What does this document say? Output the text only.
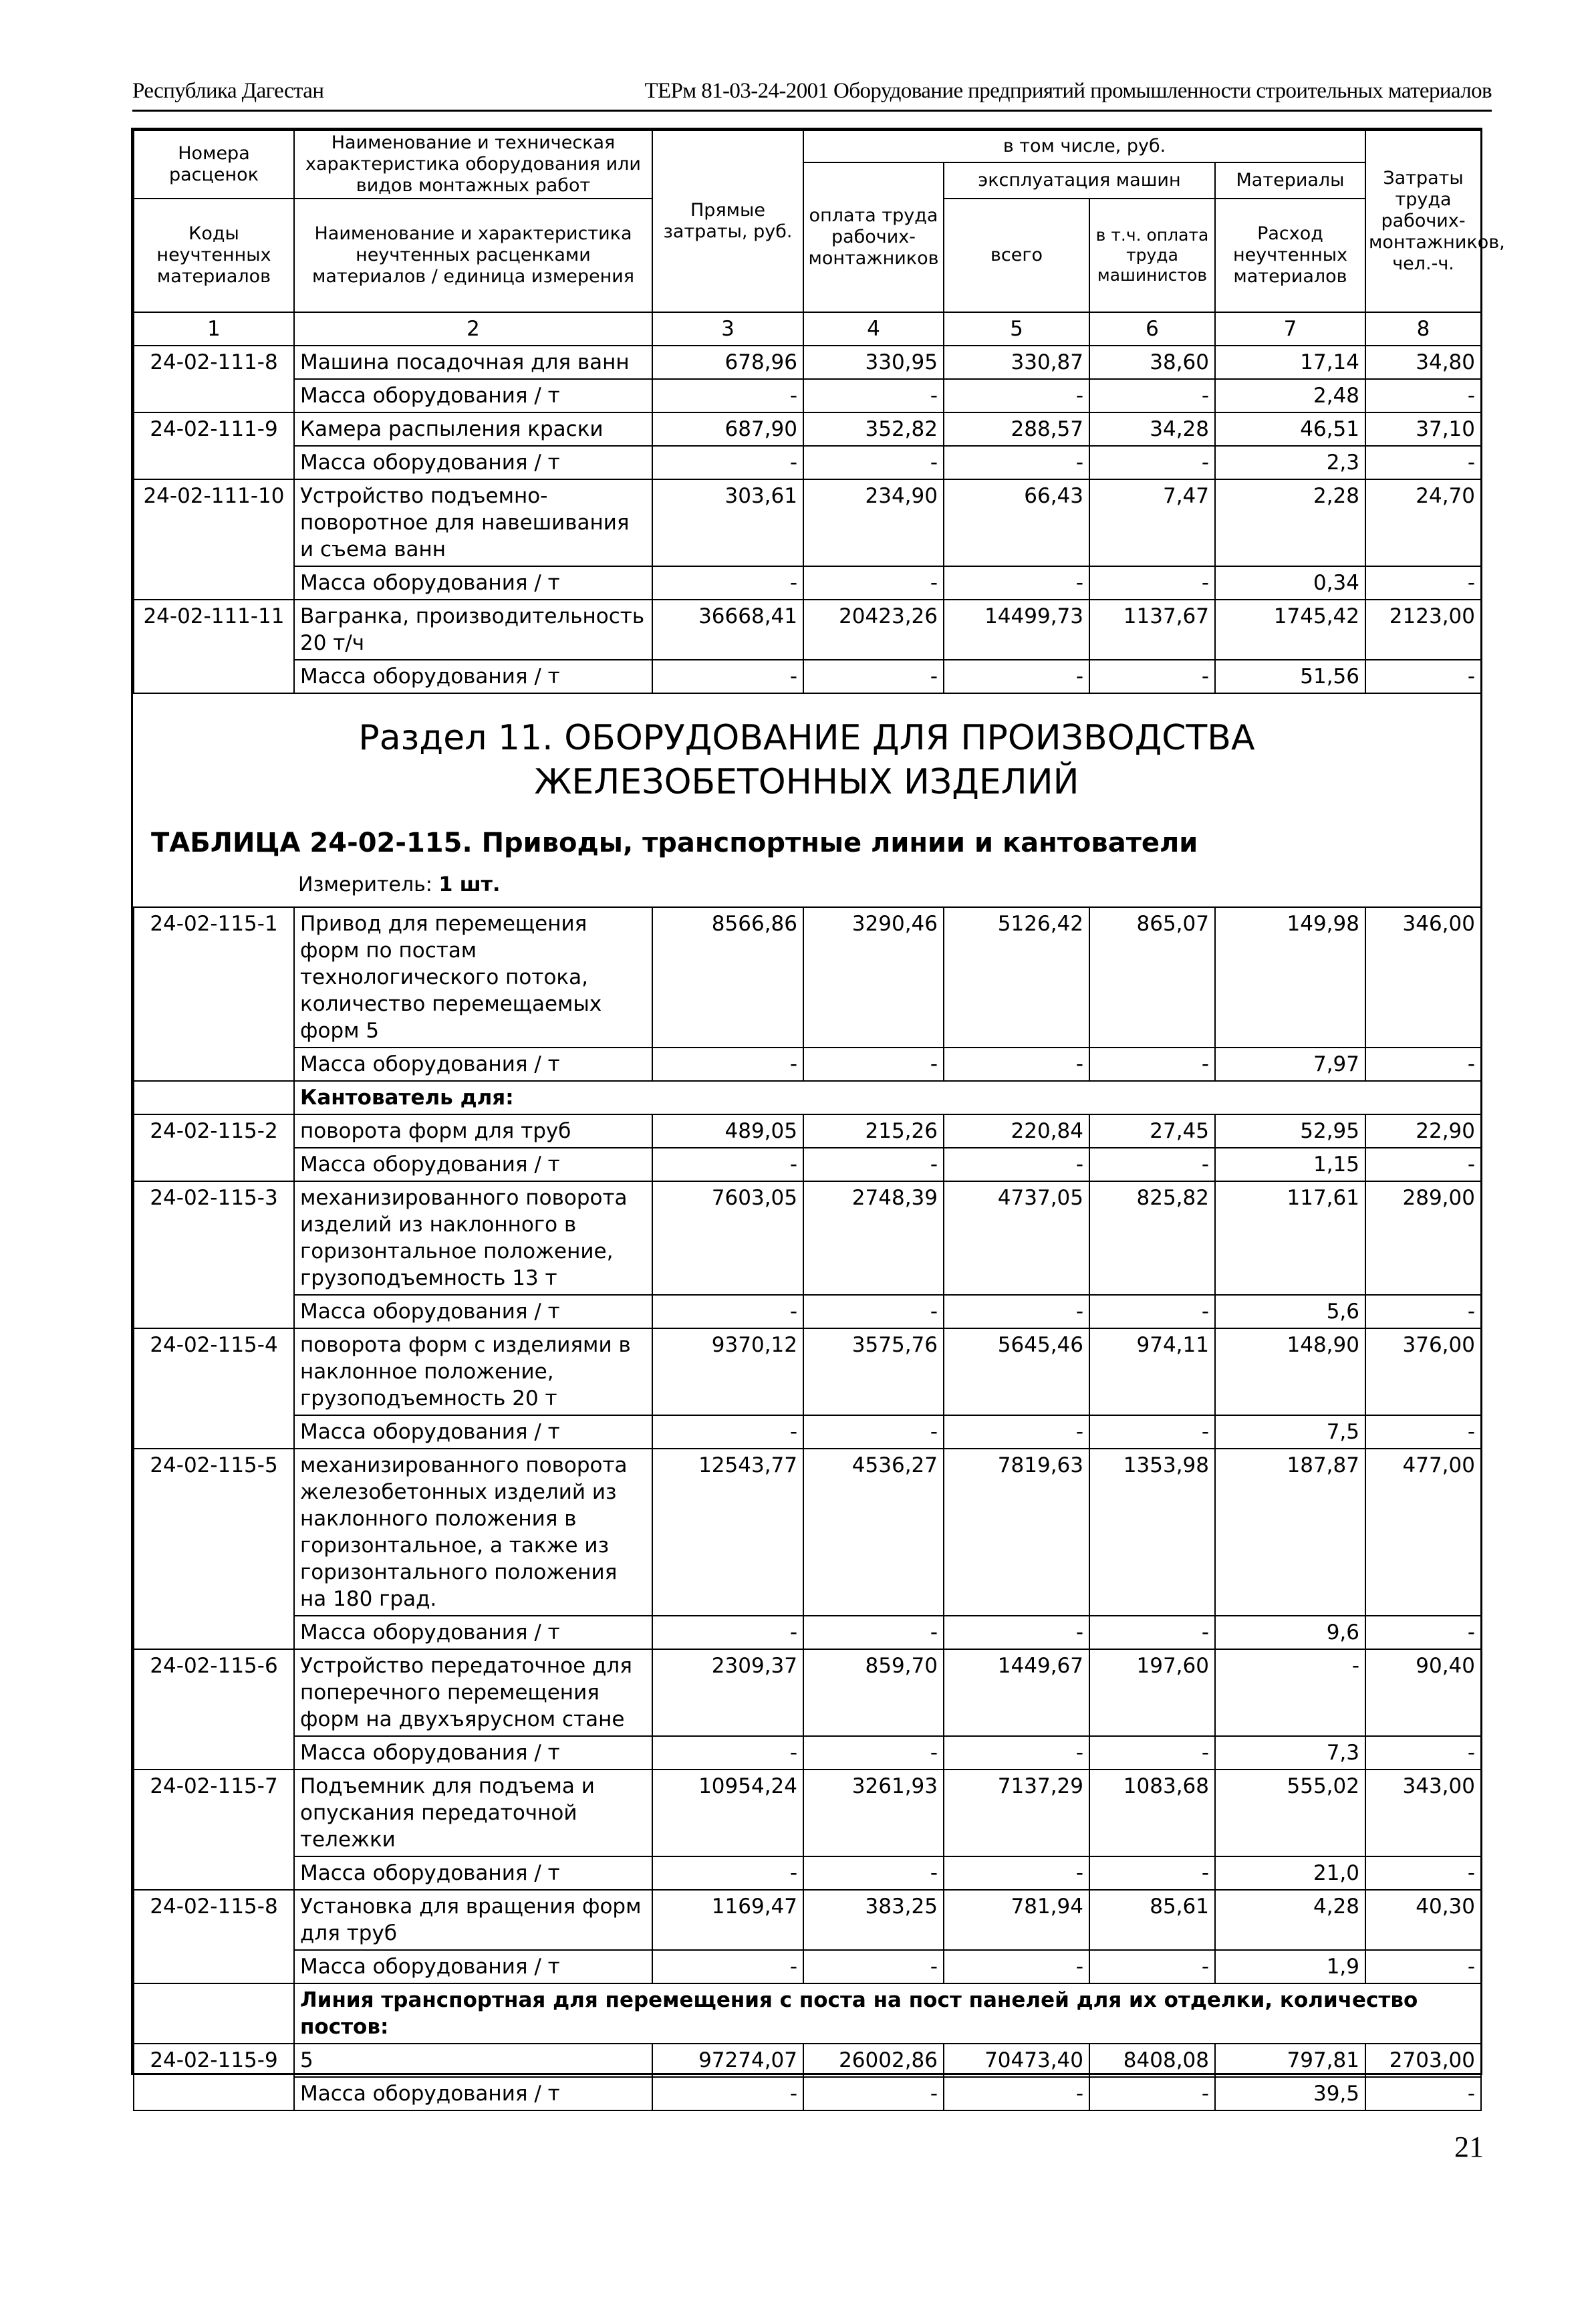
Республика Дагестан	ТЕРм 81-03-24-2001 Оборудование предприятий промышленности строительных материалов
Номера расценок	Наименование и техническая характеристика оборудования или видов монтажных работ	Прямые затраты, руб.	в том числе, руб.				Затраты труда рабочих-монтажников, чел.-ч.
			оплата труда рабочих-монтажников	эксплуатация машин		Материалы	
Коды неучтенных материалов	Наименование и характеристика неучтенных расценками материалов / единица измерения			всего	в т.ч. оплата труда машинистов	Расход неучтенных материалов	

1	2	3	4	5	6	7	8
24-02-111-8	Машина посадочная для ванн	678,96	330,95	330,87	38,60	17,14	34,80
	Масса оборудования / т	-	-	-	-	2,48	-
24-02-111-9	Камера распыления краски	687,90	352,82	288,57	34,28	46,51	37,10
	Масса оборудования / т	-	-	-	-	2,3	-
24-02-111-10	Устройство подъемно-поворотное для навешивания и съема ванн	303,61	234,90	66,43	7,47	2,28	24,70
	Масса оборудования / т	-	-	-	-	0,34	-
24-02-111-11	Вагранка, производительность 20 т/ч	36668,41	20423,26	14499,73	1137,67	1745,42	2123,00
	Масса оборудования / т	-	-	-	-	51,56	-
Раздел 11. ОБОРУДОВАНИЕ ДЛЯ ПРОИЗВОДСТВА
ЖЕЛЕЗОБЕТОННЫХ ИЗДЕЛИЙ
ТАБЛИЦА 24-02-115. Приводы, транспортные линии и кантователи
Измеритель: 1 шт.
24-02-115-1	Привод для перемещения форм по постам технологического потока, количество перемещаемых форм 5	8566,86	3290,46	5126,42	865,07	149,98	346,00
	Масса оборудования / т	-	-	-	-	7,97	-
	Кантователь для:						
24-02-115-2	поворота форм для труб	489,05	215,26	220,84	27,45	52,95	22,90
	Масса оборудования / т	-	-	-	-	1,15	-
24-02-115-3	механизированного поворота изделий из наклонного в горизонтальное положение, грузоподъемность 13 т	7603,05	2748,39	4737,05	825,82	117,61	289,00
	Масса оборудования / т	-	-	-	-	5,6	-
24-02-115-4	поворота форм с изделиями в наклонное положение, грузоподъемность 20 т	9370,12	3575,76	5645,46	974,11	148,90	376,00
	Масса оборудования / т	-	-	-	-	7,5	-
24-02-115-5	механизированного поворота железобетонных изделий из наклонного положения в горизонтальное, а также из горизонтального положения на 180 град.	12543,77	4536,27	7819,63	1353,98	187,87	477,00
	Масса оборудования / т	-	-	-	-	9,6	-
24-02-115-6	Устройство передаточное для поперечного перемещения форм на двухъярусном стане	2309,37	859,70	1449,67	197,60	-	90,40
	Масса оборудования / т	-	-	-	-	7,3	-
24-02-115-7	Подъемник для подъема и опускания передаточной тележки	10954,24	3261,93	7137,29	1083,68	555,02	343,00
	Масса оборудования / т	-	-	-	-	21,0	-
24-02-115-8	Установка для вращения форм для труб	1169,47	383,25	781,94	85,61	4,28	40,30
	Масса оборудования / т	-	-	-	-	1,9	-
	Линия транспортная для перемещения с поста на пост панелей для их отделки, количество постов:						
24-02-115-9	5	97274,07	26002,86	70473,40	8408,08	797,81	2703,00
	Масса оборудования / т	-	-	-	-	39,5	-
21
